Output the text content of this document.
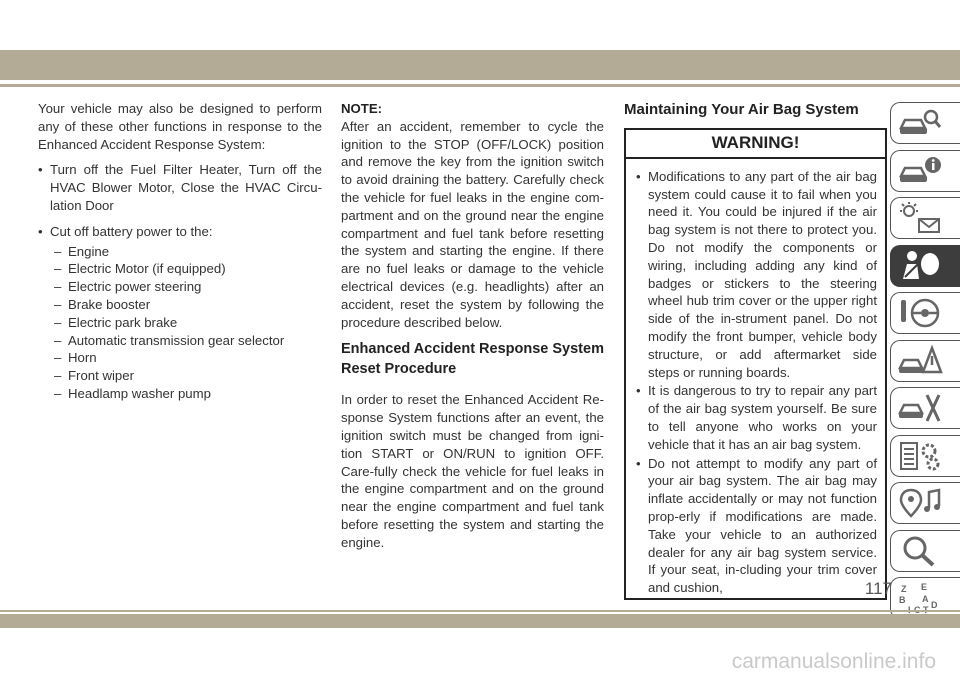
Your vehicle may also be designed to perform any of these other functions in response to the Enhanced Accident Response System:

• Turn off the Fuel Filter Heater, Turn off the HVAC Blower Motor, Close the HVAC Circu-lation Door
• Cut off battery power to the:
– Engine
– Electric Motor (if equipped)
– Electric power steering
– Brake booster
– Electric park brake
– Automatic transmission gear selector
– Horn
– Front wiper
– Headlamp washer pump
NOTE:

After an accident, remember to cycle the ignition to the STOP (OFF/LOCK) position and remove the key from the ignition switch to avoid draining the battery. Carefully check the vehicle for fuel leaks in the engine com-partment and on the ground near the engine compartment and fuel tank before resetting the system and starting the engine. If there are no fuel leaks or damage to the vehicle electrical devices (e.g. headlights) after an accident, reset the system by following the procedure described below.

Enhanced Accident Response System Reset Procedure

In order to reset the Enhanced Accident Re-sponse System functions after an event, the ignition switch must be changed from igni-tion START or ON/RUN to ignition OFF. Care-fully check the vehicle for fuel leaks in the engine compartment and on the ground near the engine compartment and fuel tank before resetting the system and starting the engine.

Maintaining Your Air Bag System
WARNING!
• Modifications to any part of the air bag system could cause it to fail when you need it. You could be injured if the air bag system is not there to protect you. Do not modify the components or wiring, including adding any kind of badges or stickers to the steering wheel hub trim cover or the upper right side of the in-strument panel. Do not modify the front bumper, vehicle body structure, or add aftermarket side steps or running boards.
• It is dangerous to try to repair any part of the air bag system yourself. Be sure to tell anyone who works on your vehicle that it has an air bag system.
• Do not attempt to modify any part of your air bag system. The air bag may inflate accidentally or may not function prop-erly if modifications are made. Take your vehicle to an authorized dealer for any air bag system service. If your seat, in-cluding your trim cover and cushion,	Z E
B A
D
117
carmanualsonline.info
